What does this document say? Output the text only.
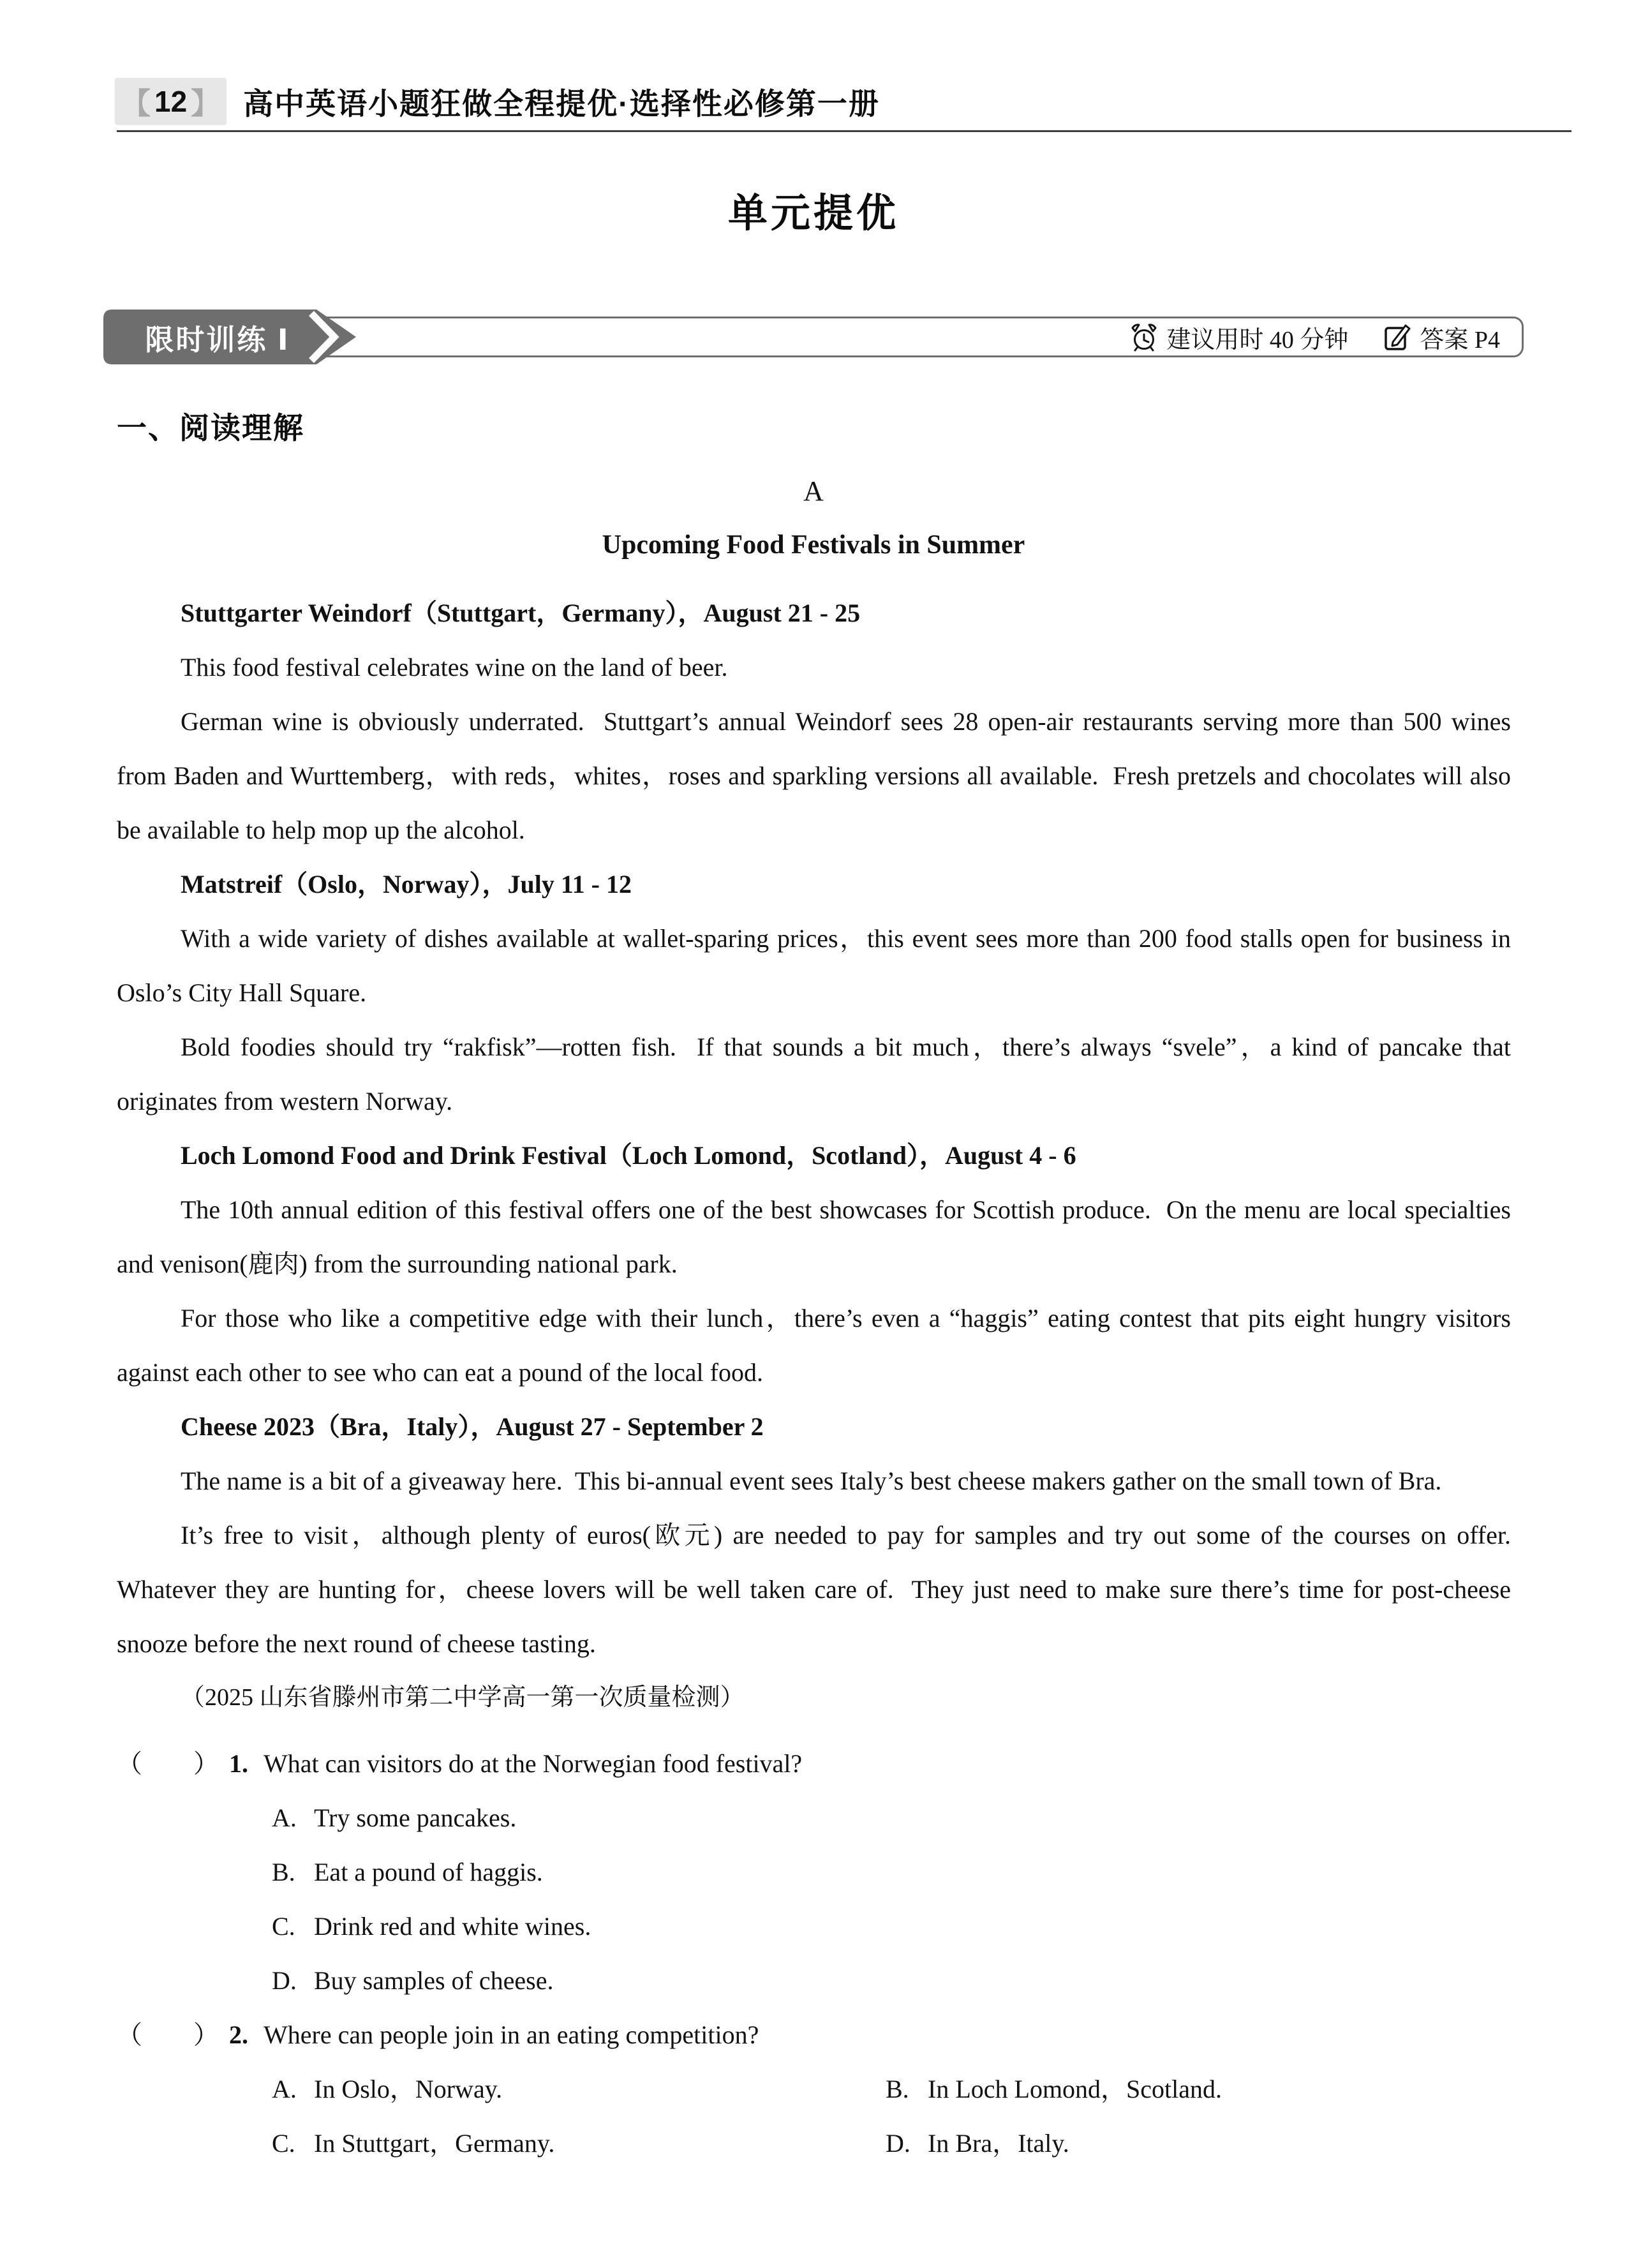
【 12 】 高中英语小题狂做全程提优·选择性必修第一册
单元提优
建议用时 40 分钟	答案 P4
限时训练 Ⅰ
一、阅读理解
A
Upcoming Food Festivals in Summer

Stuttgarter Weindorf（Stuttgart，Germany），August 21 - 25

This food festival celebrates wine on the land of beer.

German wine is obviously underrated.  Stuttgart’s annual Weindorf sees 28 open-air restaurants serving more than 500 wines from Baden and Wurttemberg，with reds，whites，roses and sparkling versions all available.  Fresh pretzels and chocolates will also be available to help mop up the alcohol.

Matstreif（Oslo，Norway），July 11 - 12

With a wide variety of dishes available at wallet-sparing prices，this event sees more than 200 food stalls open for business in Oslo’s City Hall Square.

Bold foodies should try “rakfisk”—rotten fish.  If that sounds a bit much，there’s always “svele”，a kind of pancake that originates from western Norway.

Loch Lomond Food and Drink Festival（Loch Lomond，Scotland），August 4 - 6

The 10th annual edition of this festival offers one of the best showcases for Scottish produce.  On the menu are local specialties and venison(鹿肉) from the surrounding national park.

For those who like a competitive edge with their lunch，there’s even a “haggis” eating contest that pits eight hungry visitors against each other to see who can eat a pound of the local food.

Cheese 2023（Bra，Italy），August 27 - September 2

The name is a bit of a giveaway here.  This bi-annual event sees Italy’s best cheese makers gather on the small town of Bra.

It’s free to visit，although plenty of euros(欧元) are needed to pay for samples and try out some of the courses on offer.  Whatever they are hunting for，cheese lovers will be well taken care of.  They just need to make sure there’s time for post-cheese snooze before the next round of cheese tasting.

（2025 山东省滕州市第二中学高一第一次质量检测）

（　　） 1. What can visitors do at the Norwegian food festival?
A. Try some pancakes.
B. Eat a pound of haggis.
C. Drink red and white wines.
D. Buy samples of cheese.
（　　） 2. Where can people join in an eating competition?
A. In Oslo，Norway.	B. In Loch Lomond，Scotland.
C. In Stuttgart，Germany.	D. In Bra，Italy.
